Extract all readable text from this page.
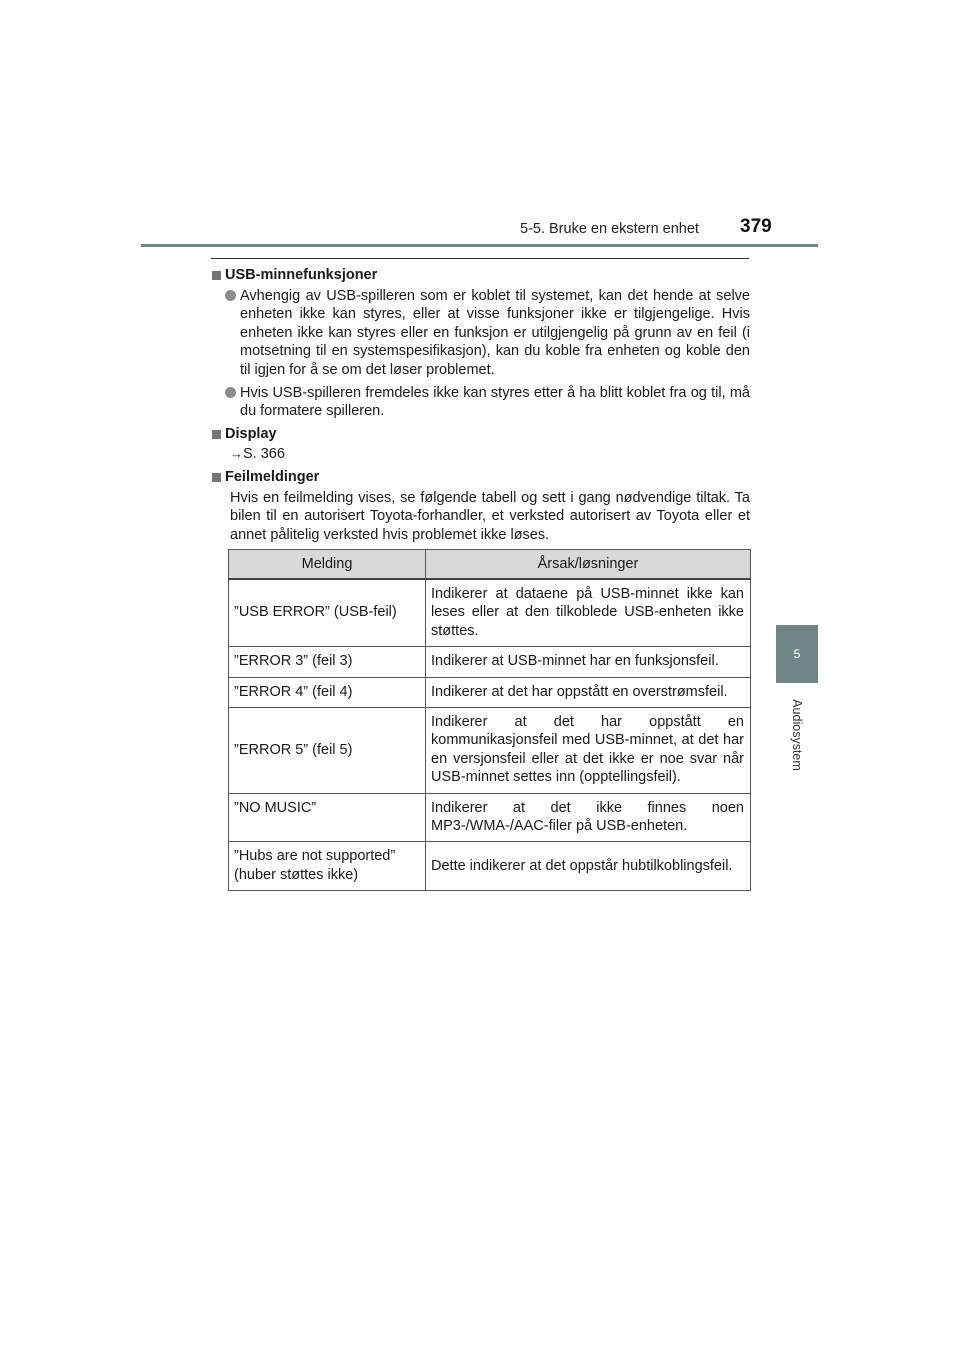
5-5. Bruke en ekstern enhet 379
5
Audiosystem
USB-minnefunksjoner
Avhengig av USB-spilleren som er koblet til systemet, kan det hende at selve enheten ikke kan styres, eller at visse funksjoner ikke er tilgjengelige. Hvis enheten ikke kan styres eller en funksjon er utilgjengelig på grunn av en feil (i motsetning til en systemspesifikasjon), kan du koble fra enheten og koble den til igjen for å se om det løser problemet.
Hvis USB-spilleren fremdeles ikke kan styres etter å ha blitt koblet fra og til, må du formatere spilleren.
Display
→S. 366
Feilmeldinger
Hvis en feilmelding vises, se følgende tabell og sett i gang nødvendige tiltak. Ta bilen til en autorisert Toyota-forhandler, et verksted autorisert av Toyota eller et annet pålitelig verksted hvis problemet ikke løses.
Melding	Årsak/løsninger
”USB ERROR” (USB-feil)	Indikerer at dataene på USB-minnet ikke kan leses eller at den tilkoblede USB-enheten ikke støttes.
”ERROR 3” (feil 3)	Indikerer at USB-minnet har en funksjonsfeil.
”ERROR 4” (feil 4)	Indikerer at det har oppstått en overstrømsfeil.
”ERROR 5” (feil 5)	Indikerer at det har oppstått en kommunikasjonsfeil med USB-minnet, at det har en versjonsfeil eller at det ikke er noe svar når USB-minnet settes inn (opptellingsfeil).
”NO MUSIC”	Indikerer at det ikke finnes noen MP3-/WMA-/AAC-filer på USB-enheten.
”Hubs are not supported” (huber støttes ikke)	Dette indikerer at det oppstår hubtilkoblingsfeil.
